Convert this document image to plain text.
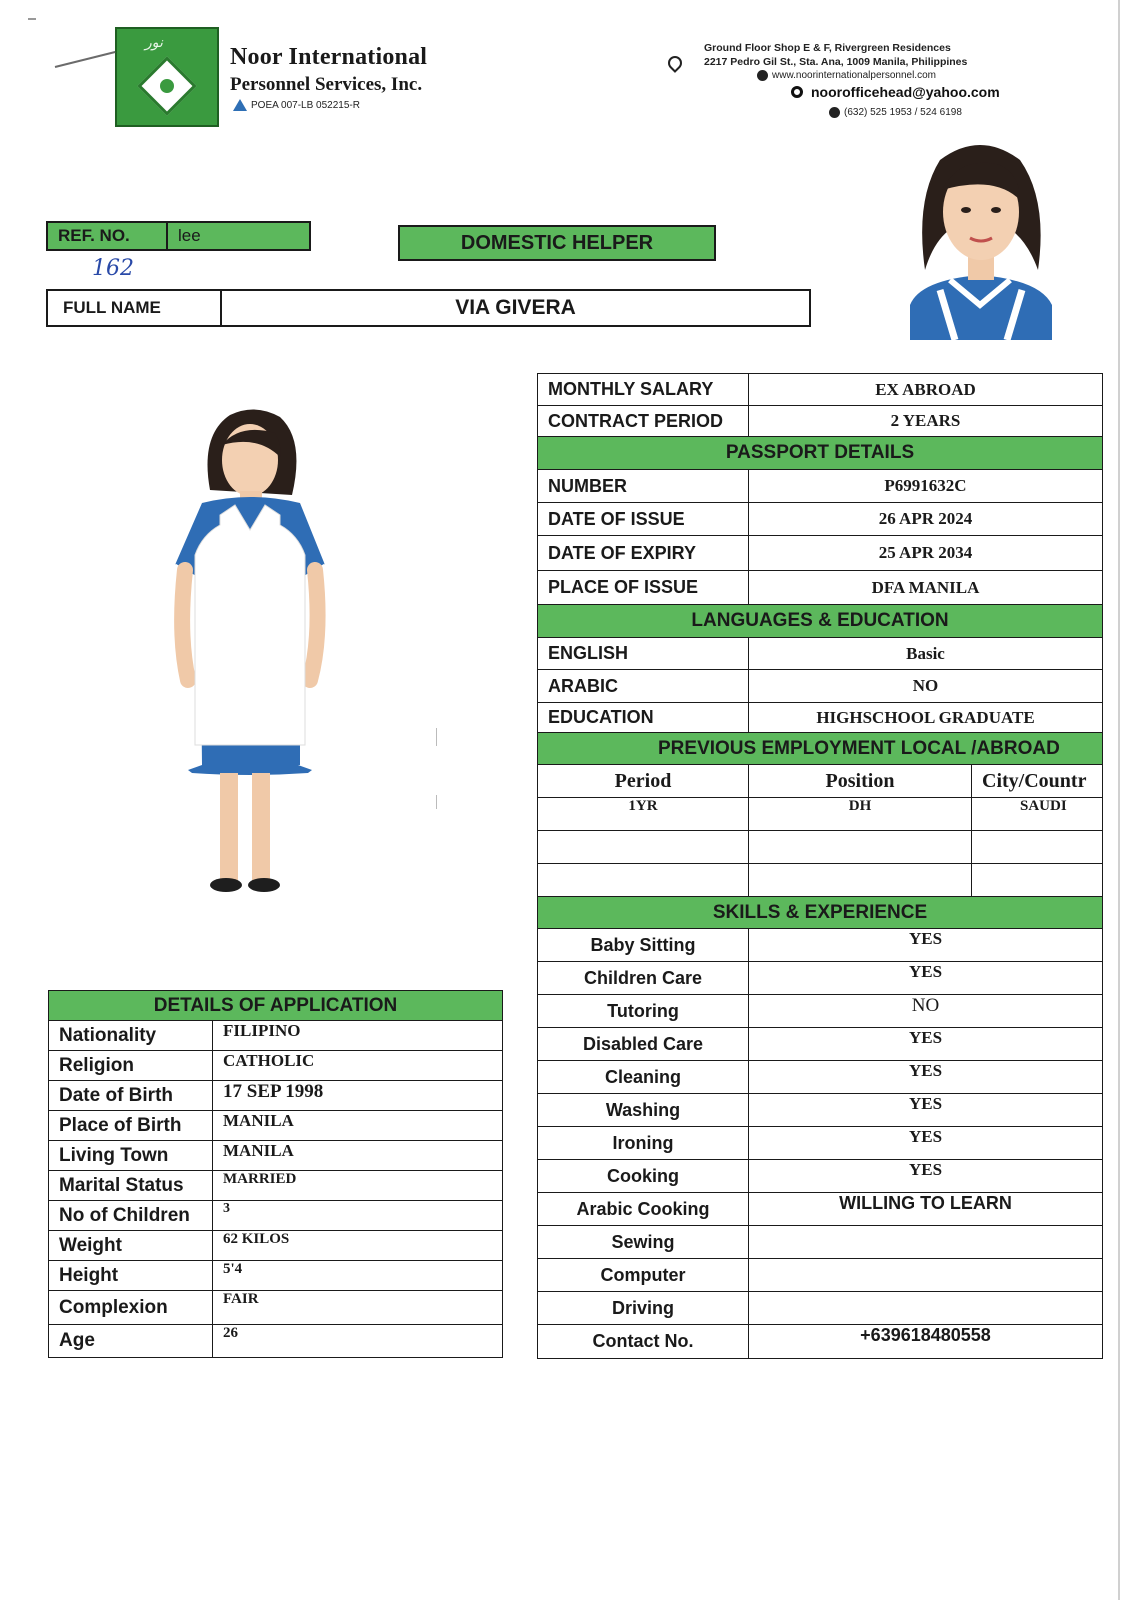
نور
Noor International
Personnel Services, Inc.
POEA 007-LB 052215-R
Ground Floor Shop E & F, Rivergreen Residences
2217 Pedro Gil St., Sta. Ana, 1009 Manila, Philippines
www.noorinternationalpersonnel.com
noorofficehead@yahoo.com
(632) 525 1953 / 524 6198
REF. NO.	lee
162
DOMESTIC HELPER
FULL NAME	VIA GIVERA
MONTHLY SALARY	EX ABROAD	
CONTRACT PERIOD	2 YEARS	
PASSPORT DETAILS		
NUMBER	P6991632C	
DATE OF ISSUE	26 APR 2024	
DATE OF EXPIRY	25 APR 2034	
PLACE OF ISSUE	DFA MANILA	
LANGUAGES & EDUCATION		
ENGLISH	Basic	
ARABIC	NO	
EDUCATION	HIGHSCHOOL GRADUATE	
PREVIOUS EMPLOYMENT LOCAL /ABROAD		
Period	Position	City/Countr
1YR	DH	SAUDI

SKILLS & EXPERIENCE		
Baby Sitting	YES	
Children Care	YES	
Tutoring	NO	
Disabled Care	YES	
Cleaning	YES	
Washing	YES	
Ironing	YES	
Cooking	YES	
Arabic Cooking	WILLING TO LEARN	
Sewing		
Computer		
Driving		
Contact No.	+639618480558	
DETAILS OF APPLICATION	
Nationality	FILIPINO
Religion	CATHOLIC
Date of Birth	17 SEP 1998
Place of Birth	MANILA
Living Town	MANILA
Marital Status	MARRIED
No of Children	3
Weight	62 KILOS
Height	5'4
Complexion	FAIR
Age	26
